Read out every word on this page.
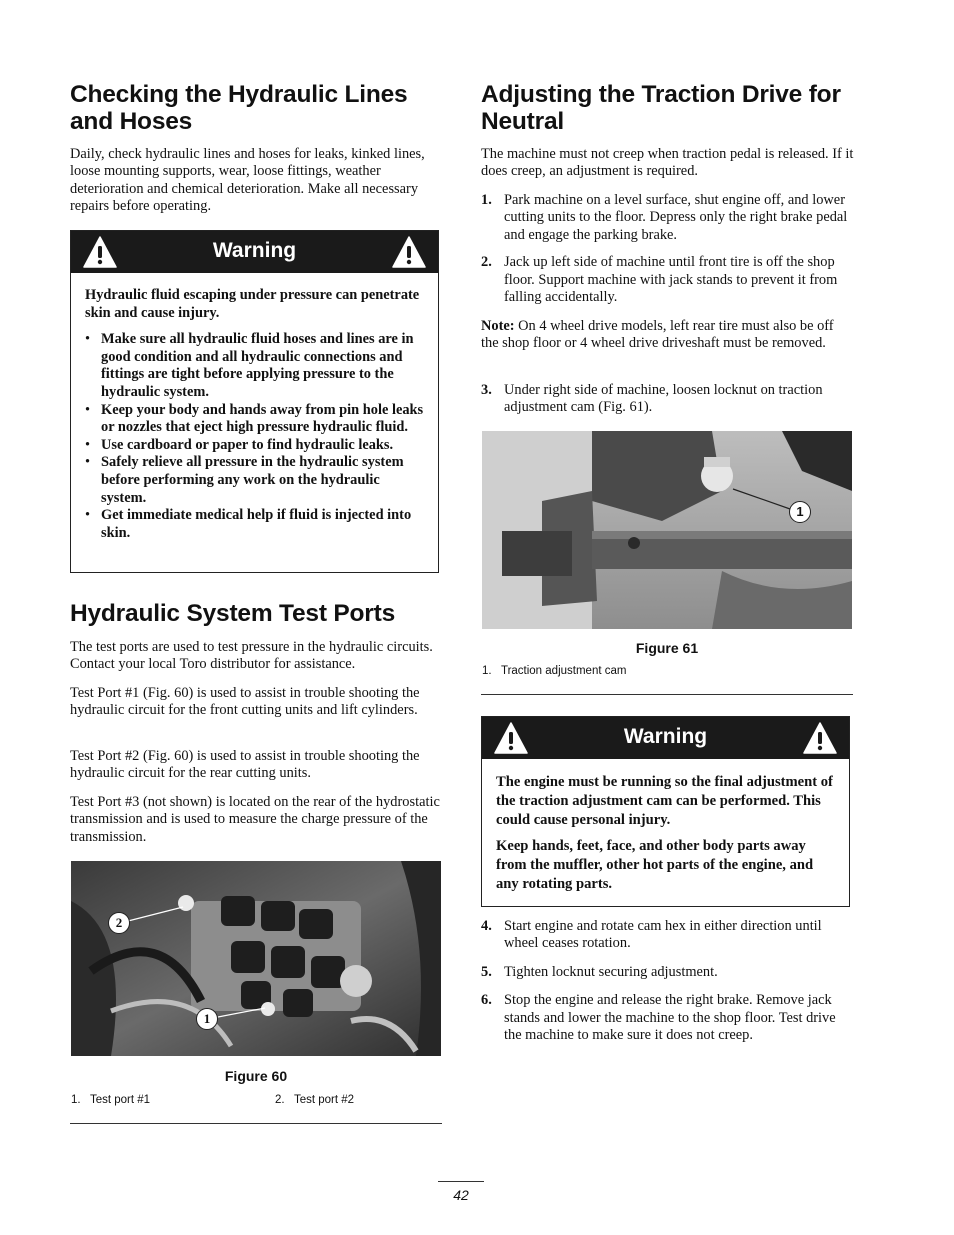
Checking the Hydraulic Lines and Hoses

Daily, check hydraulic lines and hoses for leaks, kinked lines, loose mounting supports, wear, loose fittings, weather deterioration and chemical deterioration. Make all necessary repairs before operating.

Warning

Hydraulic fluid escaping under pressure can penetrate skin and cause injury.

• Make sure all hydraulic fluid hoses and lines are in good condition and all hydraulic connections and fittings are tight before applying pressure to the hydraulic system.
• Keep your body and hands away from pin hole leaks or nozzles that eject high pressure hydraulic fluid.
• Use cardboard or paper to find hydraulic leaks.
• Safely relieve all pressure in the hydraulic system before performing any work on the hydraulic system.
• Get immediate medical help if fluid is injected into skin.
Hydraulic System Test Ports

The test ports are used to test pressure in the hydraulic circuits. Contact your local Toro distributor for assistance.

Test Port #1 (Fig. 60) is used to assist in trouble shooting the hydraulic circuit for the front cutting units and lift cylinders.

Test Port #2 (Fig. 60) is used to assist in trouble shooting the hydraulic circuit for the rear cutting units.

Test Port #3 (not shown) is located on the rear of the hydrostatic transmission and is used to measure the charge pressure of the transmission.

2
1
Figure 60
1.   Test port #1	2.   Test port #2
Adjusting the Traction Drive for Neutral

The machine must not creep when traction pedal is released. If it does creep, an adjustment is required.

1. Park machine on a level surface, shut engine off, and lower cutting units to the floor. Depress only the right brake pedal and engage the parking brake.
2. Jack up left side of machine until front tire is off the shop floor. Support machine with jack stands to prevent it from falling accidentally.

Note: On 4 wheel drive models, left rear tire must also be off the shop floor or 4 wheel drive driveshaft must be removed.

3. Under right side of machine, loosen locknut on traction adjustment cam (Fig. 61).
1
Figure 61
1.   Traction adjustment cam
Warning

The engine must be running so the final adjustment of the traction adjustment cam can be performed. This could cause personal injury.

Keep hands, feet, face, and other body parts away from the muffler, other hot parts of the engine, and any rotating parts.

4. Start engine and rotate cam hex in either direction until wheel ceases rotation.
5. Tighten locknut securing adjustment.
6. Stop the engine and release the right brake. Remove jack stands and lower the machine to the shop floor. Test drive the machine to make sure it does not creep.
42
